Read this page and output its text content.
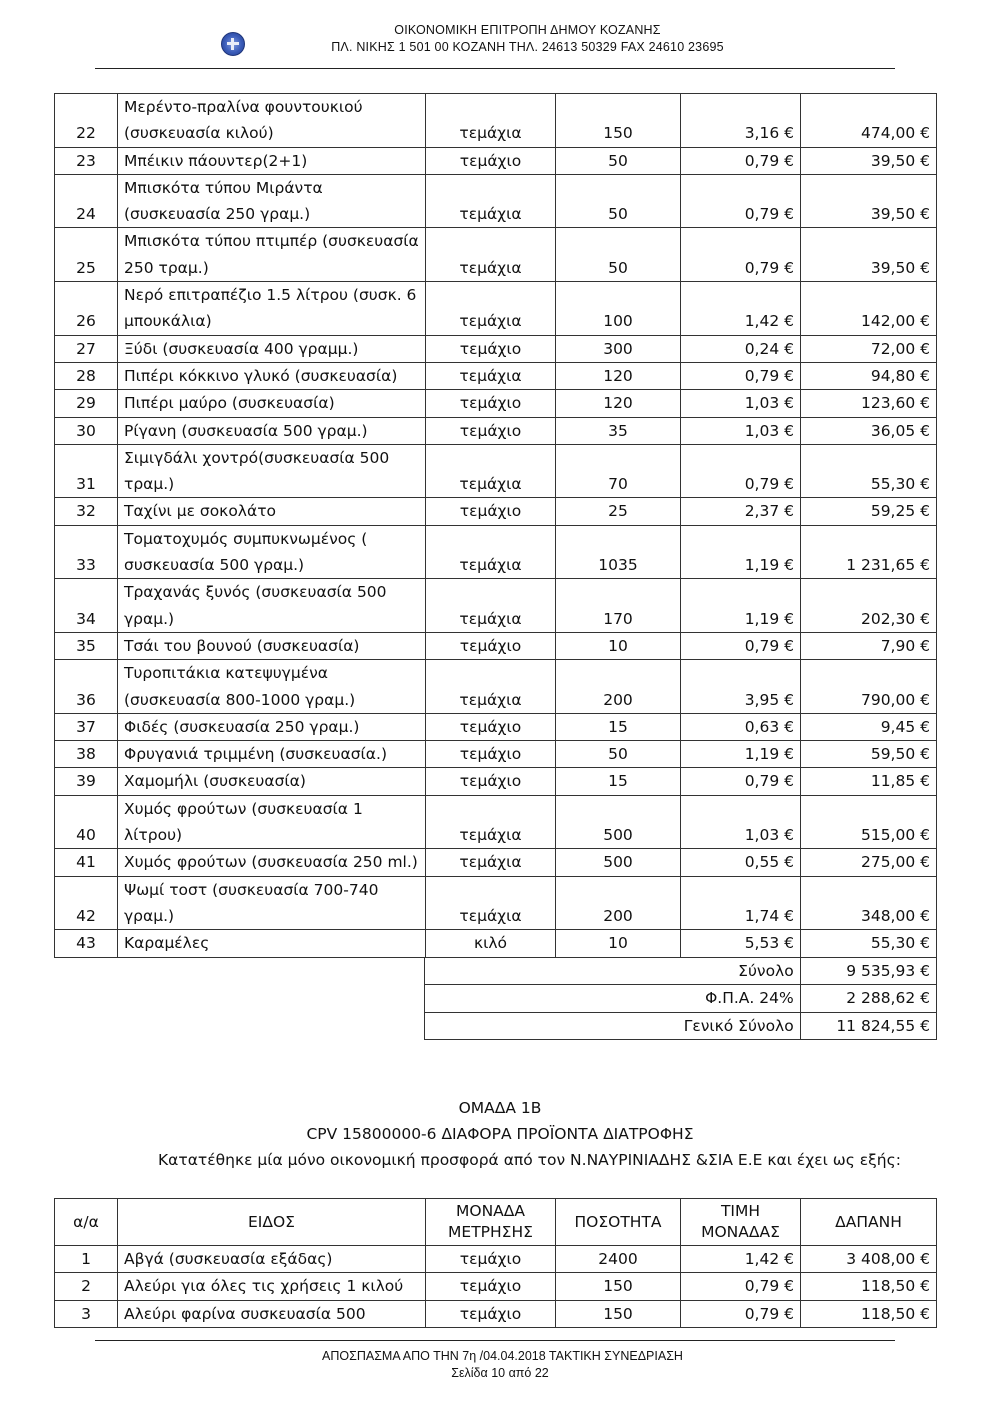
ΟΙΚΟΝΟΜΙΚΗ ΕΠΙΤΡΟΠΗ ΔΗΜΟΥ ΚΟΖΑΝΗΣ
ΠΛ. ΝΙΚΗΣ 1 501 00 ΚΟΖΑΝΗ ΤΗΛ. 24613 50329 FAX 24610 23695
22	Μερέντο-πραλίνα φουντουκιού (συσκευασία κιλού)	τεμάχια	150	3,16 €	474,00 €
23	Μπέικιν πάουντερ(2+1)	τεμάχιο	50	0,79 €	39,50 €
24	Μπισκότα τύπου Μιράντα (συσκευασία 250 γραμ.)	τεμάχια	50	0,79 €	39,50 €
25	Μπισκότα τύπου πτιμπέρ (συσκευασία 250 τραμ.)	τεμάχια	50	0,79 €	39,50 €
26	Νερό επιτραπέζιο 1.5 λίτρου (συσκ. 6 μπουκάλια)	τεμάχια	100	1,42 €	142,00 €
27	Ξύδι (συσκευασία 400 γραμμ.)	τεμάχιο	300	0,24 €	72,00 €
28	Πιπέρι κόκκινο γλυκό (συσκευασία)	τεμάχια	120	0,79 €	94,80 €
29	Πιπέρι μαύρο (συσκευασία)	τεμάχιο	120	1,03 €	123,60 €
30	Ρίγανη (συσκευασία 500 γραμ.)	τεμάχιο	35	1,03 €	36,05 €
31	Σιμιγδάλι χοντρό(συσκευασία 500 τραμ.)	τεμάχια	70	0,79 €	55,30 €
32	Ταχίνι με σοκολάτο	τεμάχιο	25	2,37 €	59,25 €
33	Τοματοχυμός συμπυκνωμένος ( συσκευασία 500 γραμ.)	τεμάχια	1035	1,19 €	1 231,65 €
34	Τραχανάς ξυνός (συσκευασία 500 γραμ.)	τεμάχια	170	1,19 €	202,30 €
35	Τσάι του βουνού (συσκευασία)	τεμάχιο	10	0,79 €	7,90 €
36	Τυροπιτάκια κατεψυγμένα (συσκευασία 800-1000 γραμ.)	τεμάχια	200	3,95 €	790,00 €
37	Φιδές (συσκευασία 250 γραμ.)	τεμάχιο	15	0,63 €	9,45 €
38	Φρυγανιά τριμμένη (συσκευασία.)	τεμάχιο	50	1,19 €	59,50 €
39	Χαμομήλι (συσκευασία)	τεμάχιο	15	0,79 €	11,85 €
40	Χυμός φρούτων (συσκευασία 1 λίτρου)	τεμάχια	500	1,03 €	515,00 €
41	Χυμός φρούτων (συσκευασία 250 ml.)	τεμάχια	500	0,55 €	275,00 €
42	Ψωμί τοστ (συσκευασία 700-740 γραμ.)	τεμάχια	200	1,74 €	348,00 €
43	Καραμέλες	κιλό	10	5,53 €	55,30 €
Σύνολο	9 535,93 €
Φ.Π.Α. 24%	2 288,62 €
Γενικό Σύνολο	11 824,55 €
ΟΜΑΔΑ 1Β
CPV 15800000-6 ΔΙΑΦΟΡΑ ΠΡΟΪΟΝΤΑ ΔΙΑΤΡΟΦΗΣ
Κατατέθηκε μία μόνο οικονομική προσφορά από τον Ν.ΝΑΥΡΙΝΙΑΔΗΣ &ΣΙΑ Ε.Ε και έχει ως εξής:
α/α	ΕΙΔΟΣ	ΜΟΝΑΔΑ ΜΕΤΡΗΣΗΣ	ΠΟΣΟΤΗΤΑ	ΤΙΜΗ ΜΟΝΑΔΑΣ	ΔΑΠΑΝΗ
1	Αβγά (συσκευασία εξάδας)	τεμάχιο	2400	1,42 €	3 408,00 €
2	Αλεύρι για όλες τις χρήσεις 1 κιλού	τεμάχιο	150	0,79 €	118,50 €
3	Αλεύρι φαρίνα συσκευασία 500	τεμάχιο	150	0,79 €	118,50 €
ΑΠΟΣΠΑΣΜΑ ΑΠΟ ΤΗΝ 7η /04.04.2018 ΤΑΚΤΙΚΗ ΣΥΝΕΔΡΙΑΣΗ
Σελίδα 10 από 22
